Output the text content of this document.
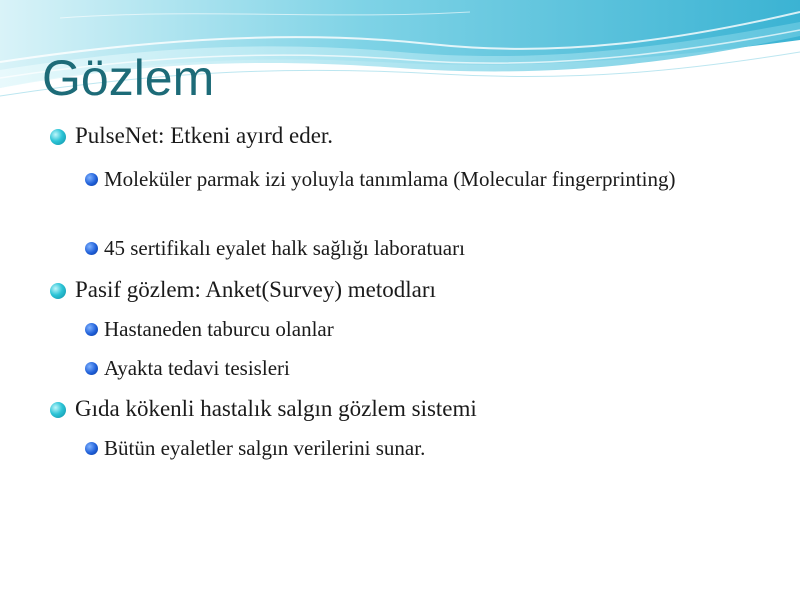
Gözlem
PulseNet: Etkeni ayırd eder.
Moleküler parmak izi yoluyla tanımlama (Molecular fingerprinting)
45 sertifikalı eyalet halk sağlığı laboratuarı
Pasif gözlem: Anket(Survey) metodları
Hastaneden taburcu olanlar
Ayakta tedavi tesisleri
Gıda kökenli hastalık salgın gözlem sistemi
Bütün eyaletler salgın verilerini sunar.
